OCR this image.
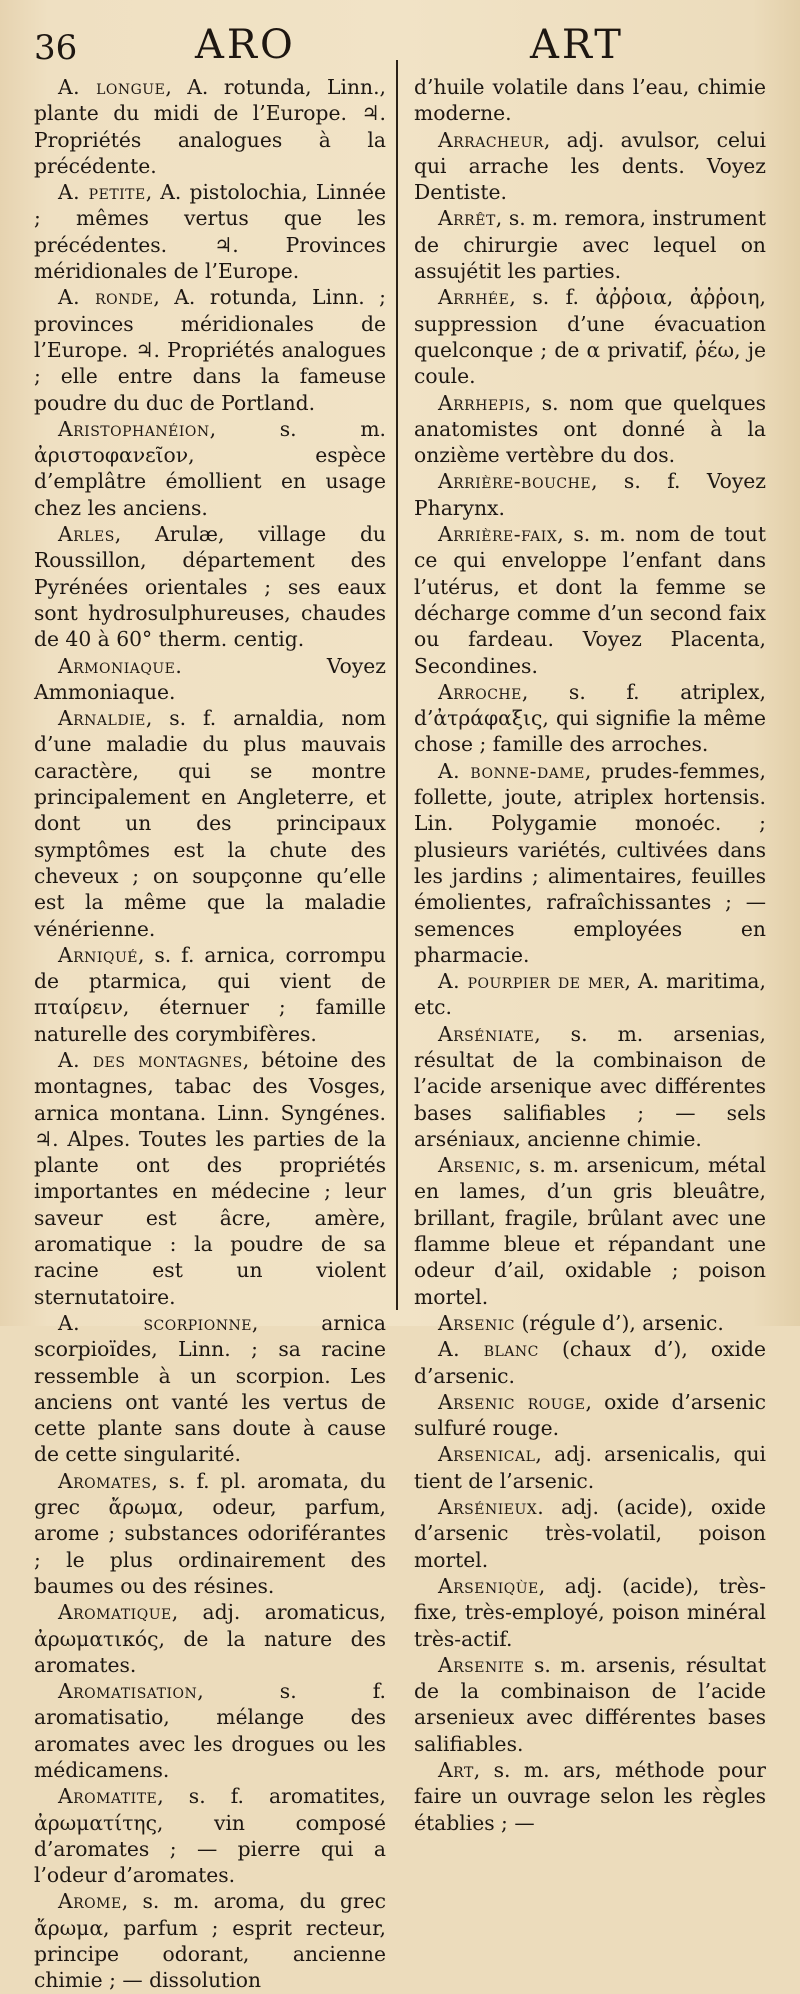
36	ARO	ART

A. longue, A. rotunda, Linn., plante du midi de l’Europe. ♃. Propriétés analogues à la précédente.

A. petite, A. pistolochia, Linnée ; mêmes vertus que les précédentes. ♃. Provinces méridionales de l’Europe.

A. ronde, A. rotunda, Linn. ; provinces méridionales de l’Europe. ♃. Propriétés analogues ; elle entre dans la fameuse poudre du duc de Portland.

Aristophanéion, s. m. ἀριστοφανεῖον, espèce d’emplâtre émollient en usage chez les anciens.

Arles, Arulæ, village du Roussillon, département des Pyrénées orientales ; ses eaux sont hydrosulphureuses, chaudes de 40 à 60° therm. centig.

Armoniaque. Voyez Ammoniaque.

Arnaldie, s. f. arnaldia, nom d’une maladie du plus mauvais caractère, qui se montre principalement en Angleterre, et dont un des principaux symptômes est la chute des cheveux ; on soupçonne qu’elle est la même que la maladie vénérienne.

Arniqué, s. f. arnica, corrompu de ptarmica, qui vient de πταίρειν, éternuer ; famille naturelle des corymbifères.

A. des montagnes, bétoine des montagnes, tabac des Vosges, arnica montana. Linn. Syngénes. ♃. Alpes. Toutes les parties de la plante ont des propriétés importantes en médecine ; leur saveur est âcre, amère, aromatique : la poudre de sa racine est un violent sternutatoire.

A. scorpionne, arnica scorpioïdes, Linn. ; sa racine ressemble à un scorpion. Les anciens ont vanté les vertus de cette plante sans doute à cause de cette singularité.

Aromates, s. f. pl. aromata, du grec ἄρωμα, odeur, parfum, arome ; substances odoriférantes ; le plus ordinairement des baumes ou des résines.

Aromatique, adj. aromaticus, ἀρωματικός, de la nature des aromates.

Aromatisation, s. f. aromatisatio, mélange des aromates avec les drogues ou les médicamens.

Aromatite, s. f. aromatites, ἀρωματίτης, vin composé d’aromates ; — pierre qui a l’odeur d’aromates.

Arome, s. m. aroma, du grec ἄρωμα, parfum ; esprit recteur, principe odorant, ancienne chimie ; — dissolution

d’huile volatile dans l’eau, chimie moderne.

Arracheur, adj. avulsor, celui qui arrache les dents. Voyez Dentiste.

Arrêt, s. m. remora, instrument de chirurgie avec lequel on assujétit les parties.

Arrhée, s. f. ἀῤῥοια, ἀῤῥοιη, suppression d’une évacuation quelconque ; de α privatif, ῥέω, je coule.

Arrhepis, s. nom que quelques anatomistes ont donné à la onzième vertèbre du dos.

Arrière-bouche, s. f. Voyez Pharynx.

Arrière-faix, s. m. nom de tout ce qui enveloppe l’enfant dans l’utérus, et dont la femme se décharge comme d’un second faix ou fardeau. Voyez Placenta, Secondines.

Arroche, s. f. atriplex, d’ἀτράφαξις, qui signifie la même chose ; famille des arroches.

A. bonne-dame, prudes-femmes, follette, joute, atriplex hortensis. Lin. Polygamie monoéc. ; plusieurs variétés, cultivées dans les jardins ; alimentaires, feuilles émolientes, rafraîchissantes ; — semences employées en pharmacie.

A. pourpier de mer, A. maritima, etc.

Arséniate, s. m. arsenias, résultat de la combinaison de l’acide arsenique avec différentes bases salifiables ; — sels arséniaux, ancienne chimie.

Arsenic, s. m. arsenicum, métal en lames, d’un gris bleuâtre, brillant, fragile, brûlant avec une flamme bleue et répandant une odeur d’ail, oxidable ; poison mortel.

Arsenic (régule d’), arsenic.

A. blanc (chaux d’), oxide d’arsenic.

Arsenic rouge, oxide d’arsenic sulfuré rouge.

Arsenical, adj. arsenicalis, qui tient de l’arsenic.

Arsénieux. adj. (acide), oxide d’arsenic très-volatil, poison mortel.

Arseniqùe, adj. (acide), très-fixe, très-employé, poison minéral très-actif.

Arsenite s. m. arsenis, résultat de la combinaison de l’acide arsenieux avec différentes bases salifiables.

Art, s. m. ars, méthode pour faire un ouvrage selon les règles établies ; —
